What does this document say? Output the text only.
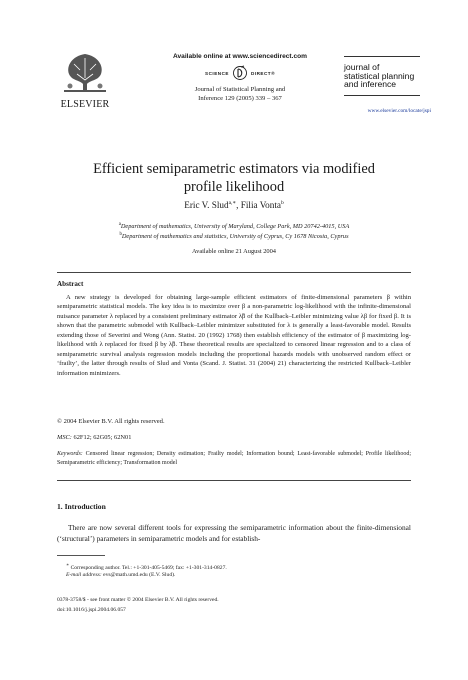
ELSEVIER
Available online at www.sciencedirect.com
SCIENCE	DIRECT®
Journal of Statistical Planning and
Inference 129 (2005) 339 – 367
journal of
statistical planning
and inference
www.elsevier.com/locate/jspi
Efficient semiparametric estimators via modified
profile likelihood
Eric V. Slud$^{a,∗}$, Filia Vonta$^b$
$^a$Department of mathematics, University of Maryland, College Park, MD 20742-4015, USA
$^b$Department of mathematics and statistics, University of Cyprus, Cy 1678 Nicosia, Cyprus
Available online 21 August 2004
Abstract
A new strategy is developed for obtaining large-sample efficient estimators of finite-dimensional parameters β within semiparametric statistical models. The key idea is to maximize over β a non-parametric log-likelihood with the infinite-dimensional nuisance parameter λ replaced by a consistent preliminary estimator λ̃β of the Kullback–Leibler minimizing value λβ for fixed β. It is shown that the parametric submodel with Kullback–Leibler minimizer substituted for λ is generally a least-favorable model. Results extending those of Severini and Wong (Ann. Statist. 20 (1992) 1768) then establish efficiency of the estimator of β maximizing log-likelihood with λ replaced for fixed β by λ̃β. These theoretical results are specialized to censored linear regression and to a class of semiparametric survival analysis regression models including the proportional hazards models with unobserved random effect or ‘frailty’, the latter through results of Slud and Vonta (Scand. J. Statist. 31 (2004) 21) characterizing the restricted Kullback–Leibler information minimizers.
© 2004 Elsevier B.V. All rights reserved.
MSC: 62F12; 62G05; 62N01
Keywords: Censored linear regression; Density estimation; Frailty model; Information bound; Least-favorable submodel; Profile likelihood; Semiparametric efficiency; Transformation model
1. Introduction
There are now several different tools for expressing the semiparametric information about the finite-dimensional (‘structural’) parameters in semiparametric models and for establish-
∗ Corresponding author. Tel.: +1-301-405-5469; fax: +1-301-314-0827.
E-mail address: evs@math.umd.edu (E.V. Slud).
0378-3758/$ - see front matter © 2004 Elsevier B.V. All rights reserved.
doi:10.1016/j.jspi.2004.06.057
